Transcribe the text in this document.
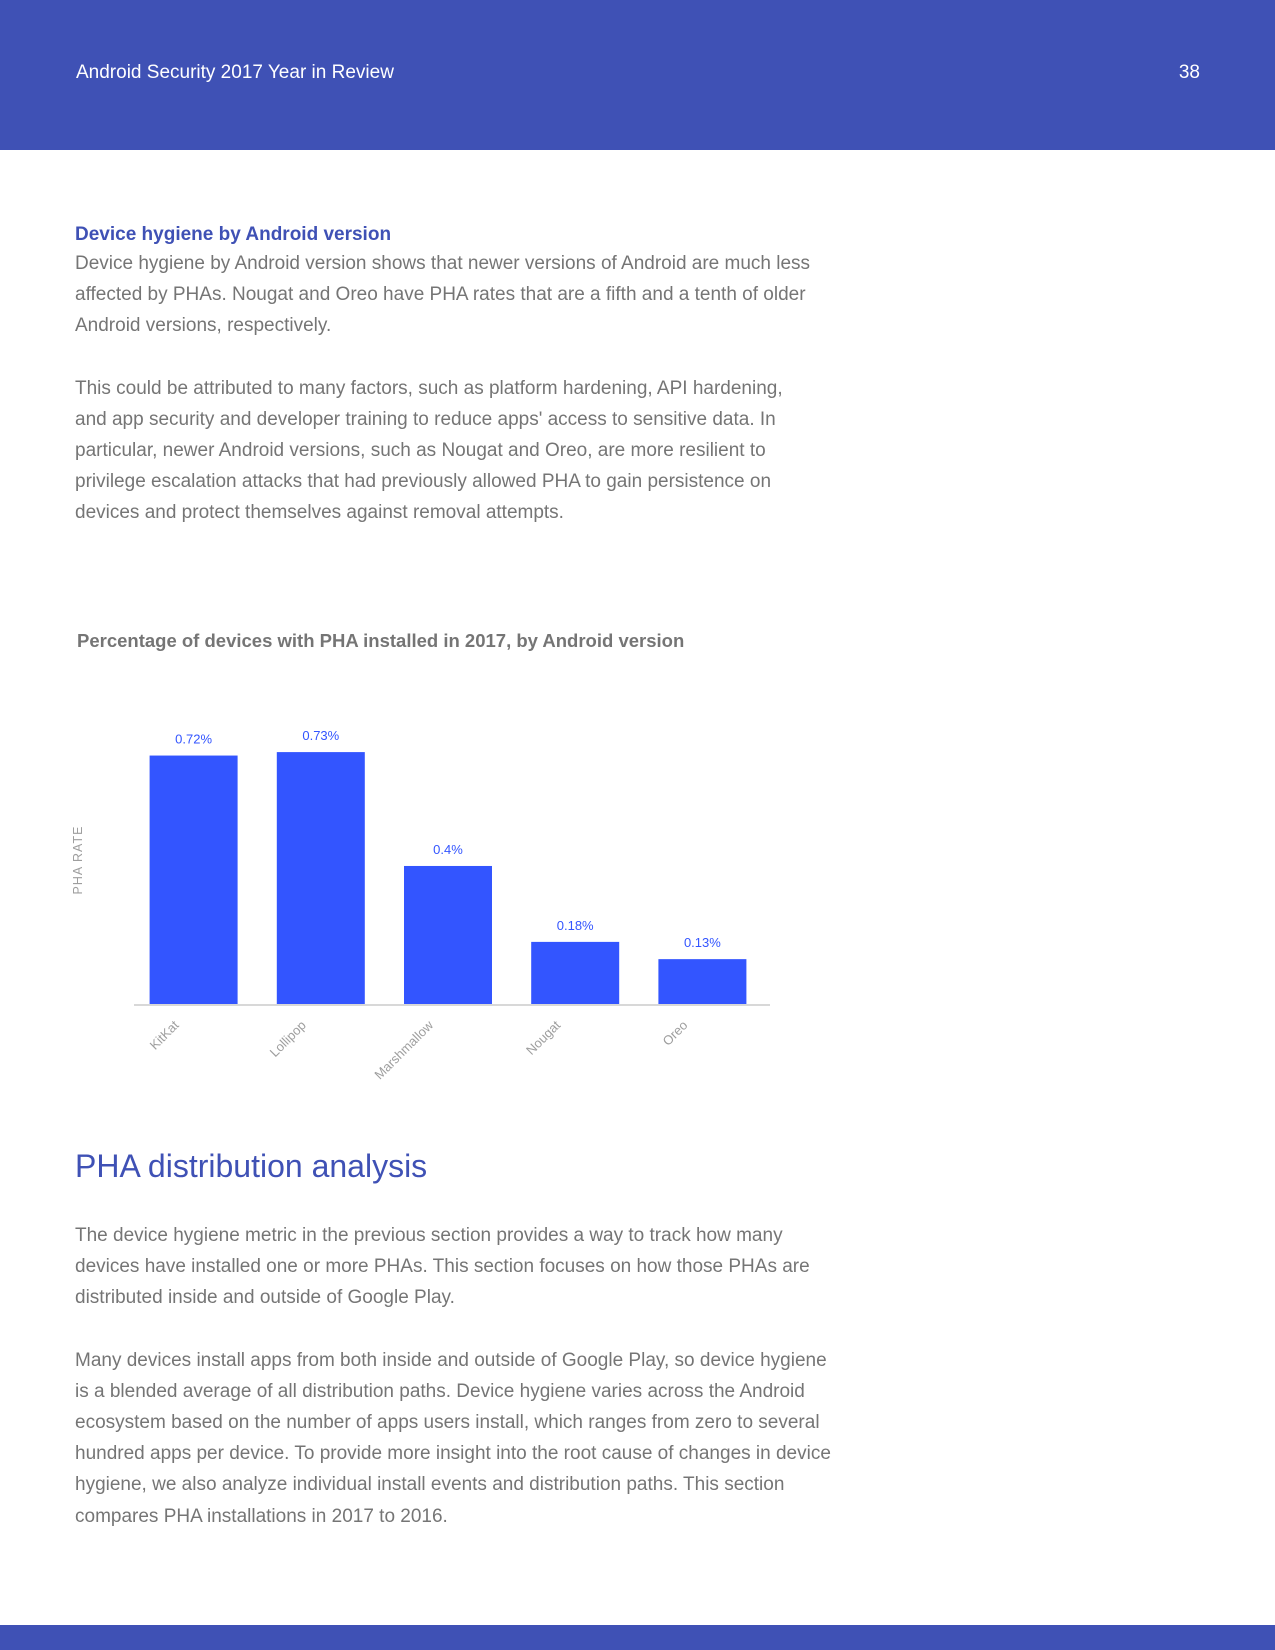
Android Security 2017 Year in Review	38
Device hygiene by Android version

Device hygiene by Android version shows that newer versions of Android are much less affected by PHAs. Nougat and Oreo have PHA rates that are a fifth and a tenth of older Android versions, respectively.

This could be attributed to many factors, such as platform hardening, API hardening, and app security and developer training to reduce apps' access to sensitive data. In particular, newer Android versions, such as Nougat and Oreo, are more resilient to privilege escalation attacks that had previously allowed PHA to gain persistence on devices and protect themselves against removal attempts.

Percentage of devices with PHA installed in 2017, by Android version
PHA RATE
0.72%
KitKat
0.73%
Lollipop
0.4%
Marshmallow
0.18%
Nougat
0.13%
Oreo
PHA distribution analysis

The device hygiene metric in the previous section provides a way to track how many devices have installed one or more PHAs. This section focuses on how those PHAs are distributed inside and outside of Google Play.

Many devices install apps from both inside and outside of Google Play, so device hygiene is a blended average of all distribution paths. Device hygiene varies across the Android ecosystem based on the number of apps users install, which ranges from zero to several hundred apps per device. To provide more insight into the root cause of changes in device hygiene, we also analyze individual install events and distribution paths. This section compares PHA installations in 2017 to 2016.
